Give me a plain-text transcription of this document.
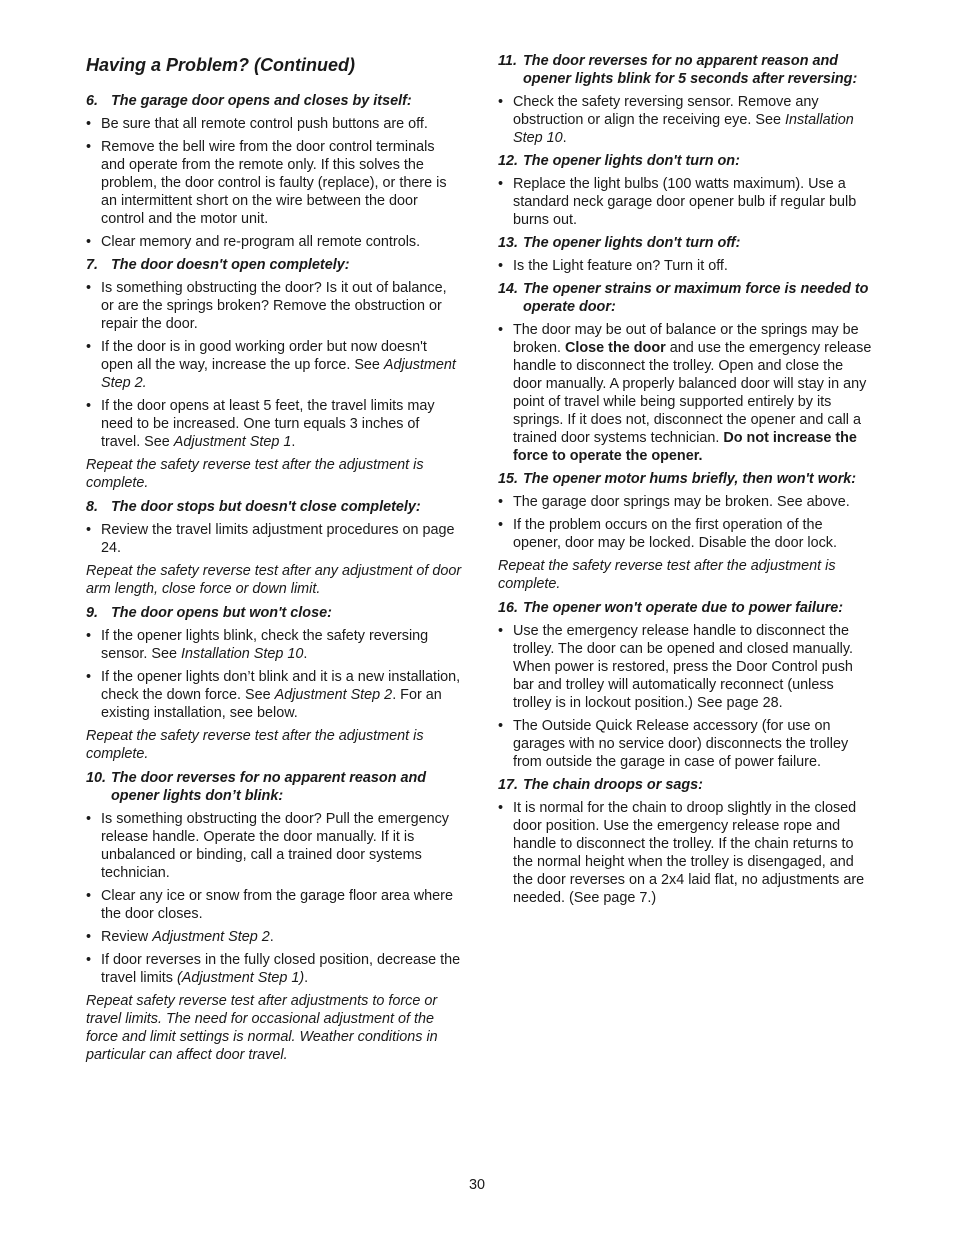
Having a Problem? (Continued)
6. The garage door opens and closes by itself:
• Be sure that all remote control push buttons are off.
• Remove the bell wire from the door control terminals and operate from the remote only. If this solves the problem, the door control is faulty (replace), or there is an intermittent short on the wire between the door control and the motor unit.
• Clear memory and re-program all remote controls.
7. The door doesn't open completely:
• Is something obstructing the door? Is it out of balance, or are the springs broken? Remove the obstruction or repair the door.
• If the door is in good working order but now doesn't open all the way, increase the up force. See Adjustment Step 2.
• If the door opens at least 5 feet, the travel limits may need to be increased. One turn equals 3 inches of travel. See Adjustment Step 1.
Repeat the safety reverse test after the adjustment is complete.
8. The door stops but doesn't close completely:
• Review the travel limits adjustment procedures on page 24.
Repeat the safety reverse test after any adjustment of door arm length, close force or down limit.
9. The door opens but won't close:
• If the opener lights blink, check the safety reversing sensor. See Installation Step 10.
• If the opener lights don’t blink and it is a new installation, check the down force. See Adjustment Step 2. For an existing installation, see below.
Repeat the safety reverse test after the adjustment is complete.
10. The door reverses for no apparent reason and opener lights don’t blink:
• Is something obstructing the door? Pull the emergency release handle. Operate the door manually. If it is unbalanced or binding, call a trained door systems technician.
• Clear any ice or snow from the garage floor area where the door closes.
• Review Adjustment Step 2.
• If door reverses in the fully closed position, decrease the travel limits (Adjustment Step 1).
Repeat safety reverse test after adjustments to force or travel limits. The need for occasional adjustment of the force and limit settings is normal. Weather conditions in particular can affect door travel.
11. The door reverses for no apparent reason and opener lights blink for 5 seconds after reversing:
• Check the safety reversing sensor. Remove any obstruction or align the receiving eye. See Installation Step 10.
12. The opener lights don't turn on:
• Replace the light bulbs (100 watts maximum). Use a standard neck garage door opener bulb if regular bulb burns out.
13. The opener lights don't turn off:
• Is the Light feature on? Turn it off.
14. The opener strains or maximum force is needed to operate door:
• The door may be out of balance or the springs may be broken. Close the door and use the emergency release handle to disconnect the trolley. Open and close the door manually. A properly balanced door will stay in any point of travel while being supported entirely by its springs. If it does not, disconnect the opener and call a trained door systems technician. Do not increase the force to operate the opener.
15. The opener motor hums briefly, then won't work:
• The garage door springs may be broken. See above.
• If the problem occurs on the first operation of the opener, door may be locked. Disable the door lock.
Repeat the safety reverse test after the adjustment is complete.
16. The opener won't operate due to power failure:
• Use the emergency release handle to disconnect the trolley. The door can be opened and closed manually. When power is restored, press the Door Control push bar and trolley will automatically reconnect (unless trolley is in lockout position.) See page 28.
• The Outside Quick Release accessory (for use on garages with no service door) disconnects the trolley from outside the garage in case of power failure.
17. The chain droops or sags:
• It is normal for the chain to droop slightly in the closed door position. Use the emergency release rope and handle to disconnect the trolley. If the chain returns to the normal height when the trolley is disengaged, and the door reverses on a 2x4 laid flat, no adjustments are needed. (See page 7.)
30
